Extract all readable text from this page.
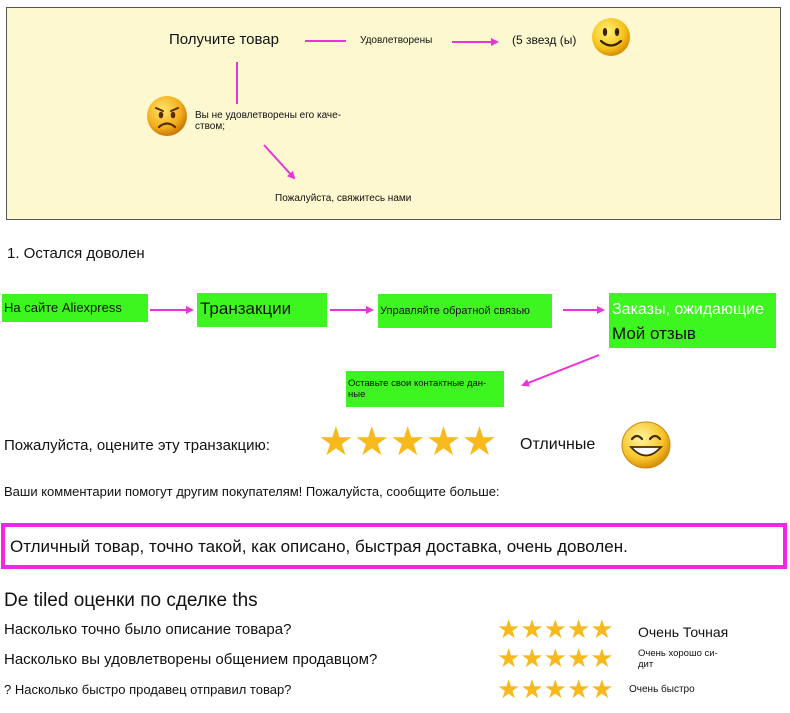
Получите товар	Удовлетворены	(5 звезд (ы)
Вы не удовлетворены его каче-
ством;
Пожалуйста, свяжитесь нами
1. Остался доволен
На сайте Aliexpress	Транзакции	Управляйте обратной связью	Заказы, ожидающие
Мой отзыв
Оставьте свои контактные дан-
ные
Пожалуйста, оцените эту транзакцию: ★ ★ ★ ★ ★ Отличные
Ваши комментарии помогут другим покупателям! Пожалуйста, сообщите больше:
Отличный товар, точно такой, как описано, быстрая доставка, очень доволен.
De tiled оценки по сделке ths
Насколько точно было описание товара?	★ ★ ★ ★ ★ Очень Точная
Насколько вы удовлетворены общением продавцом?	★ ★ ★ ★ ★	Очень хорошо си-
дит
? Насколько быстро продавец отправил товар?	★ ★ ★ ★ ★ Очень быстро
